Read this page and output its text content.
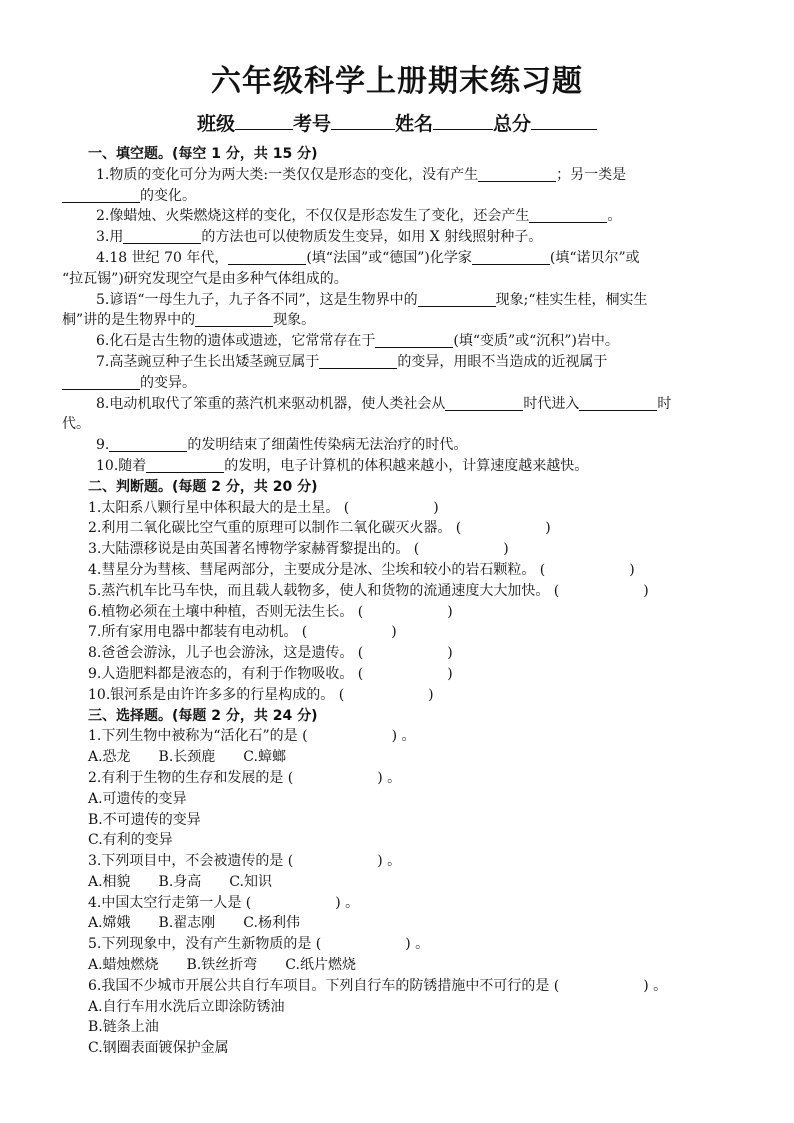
六年级科学上册期末练习题
班级	考号	姓名	总分
一、填空题。(每空 1 分，共 15 分)
1.物质的变化可分为两大类:一类仅仅是形态的变化，没有产生	；另一类是
的变化。
2.像蜡烛、火柴燃烧这样的变化，不仅仅是形态发生了变化，还会产生	。
3.用	的方法也可以使物质发生变异，如用 X 射线照射种子。
4.18 世纪 70 年代，	(填“法国”或“德国”)化学家	(填“诺贝尔”或
“拉瓦锡”)研究发现空气是由多种气体组成的。
5.谚语“一母生九子，九子各不同”，这是生物界中的	现象;“桂实生桂，桐实生
桐”讲的是生物界中的	现象。
6.化石是古生物的遗体或遗迹，它常常存在于	(填“变质”或“沉积”)岩中。
7.高茎豌豆种子生长出矮茎豌豆属于	的变异，用眼不当造成的近视属于
的变异。
8.电动机取代了笨重的蒸汽机来驱动机器，使人类社会从	时代进入	时
代。
9.	的发明结束了细菌性传染病无法治疗的时代。
10.随着	的发明，电子计算机的体积越来越小，计算速度越来越快。
二、判断题。(每题 2 分，共 20 分)
1.太阳系八颗行星中体积最大的是土星。 (　　　　　　)
2.利用二氧化碳比空气重的原理可以制作二氧化碳灭火器。 (　　　　　　)
3.大陆漂移说是由英国著名博物学家赫胥黎提出的。 (　　　　　　)
4.彗星分为彗核、彗尾两部分，主要成分是冰、尘埃和较小的岩石颗粒。 (　　　　　　)
5.蒸汽机车比马车快，而且载人载物多，使人和货物的流通速度大大加快。 (　　　　　　)
6.植物必须在土壤中种植，否则无法生长。 (　　　　　　)
7.所有家用电器中都装有电动机。 (　　　　　　)
8.爸爸会游泳，儿子也会游泳，这是遗传。 (　　　　　　)
9.人造肥料都是液态的，有利于作物吸收。 (　　　　　　)
10.银河系是由许许多多的行星构成的。 (　　　　　　)
三、选择题。(每题 2 分，共 24 分)
1.下列生物中被称为“活化石”的是 (　　　　　　) 。
A.恐龙　　B.长颈鹿　　C.蟑螂
2.有利于生物的生存和发展的是 (　　　　　　) 。
A.可遗传的变异
B.不可遗传的变异
C.有利的变异
3.下列项目中，不会被遗传的是 (　　　　　　) 。
A.相貌　　B.身高　　C.知识
4.中国太空行走第一人是 (　　　　　　) 。
A.嫦娥　　B.翟志刚　　C.杨利伟
5.下列现象中，没有产生新物质的是 (　　　　　　) 。
A.蜡烛燃烧　　B.铁丝折弯　　C.纸片燃烧
6.我国不少城市开展公共自行车项目。下列自行车的防锈措施中不可行的是 (　　　　　　) 。
A.自行车用水洗后立即涂防锈油
B.链条上油
C.钢圈表面镀保护金属
